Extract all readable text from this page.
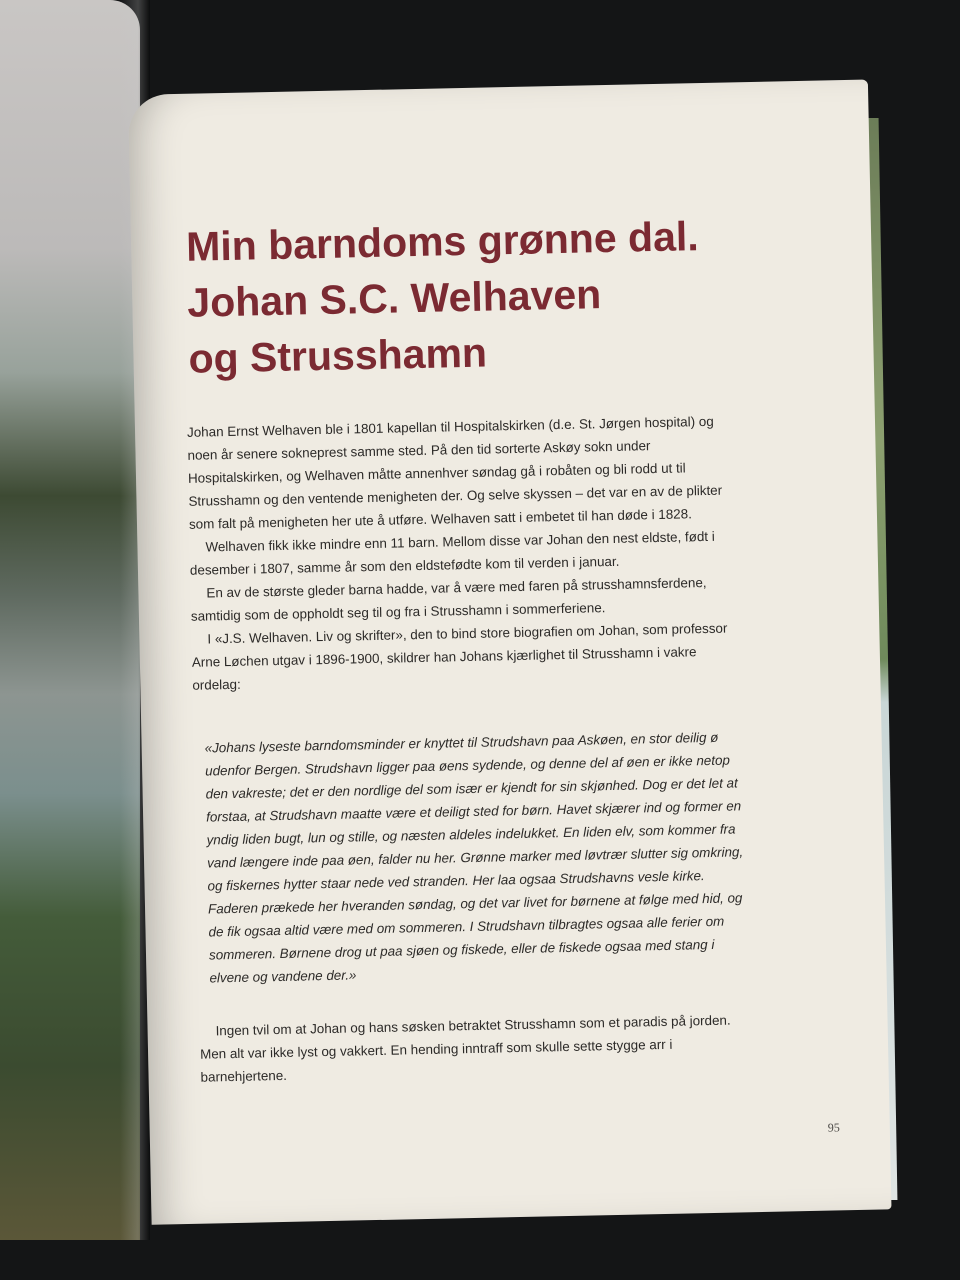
Min barndoms grønne dal.
Johan S.C. Welhaven
og Strusshamn

Johan Ernst Welhaven ble i 1801 kapellan til Hospitalskirken (d.e. St. Jørgen hospital) og noen år senere sokneprest samme sted. På den tid sorterte Askøy sokn under Hospitalskirken, og Welhaven måtte annenhver søndag gå i robåten og bli rodd ut til Strusshamn og den ventende menigheten der. Og selve skyssen – det var en av de plikter som falt på menigheten her ute å utføre. Welhaven satt i embetet til han døde i 1828.

Welhaven fikk ikke mindre enn 11 barn. Mellom disse var Johan den nest eldste, født i desember i 1807, samme år som den eldstefødte kom til verden i januar.

En av de største gleder barna hadde, var å være med faren på strusshamnsferdene, samtidig som de oppholdt seg til og fra i Strusshamn i sommerferiene.

I «J.S. Welhaven. Liv og skrifter», den to bind store biografien om Johan, som professor Arne Løchen utgav i 1896-1900, skildrer han Johans kjærlighet til Strusshamn i vakre ordelag:

«Johans lyseste barndomsminder er knyttet til Strudshavn paa Askøen, en stor deilig ø udenfor Bergen. Strudshavn ligger paa øens sydende, og denne del af øen er ikke netop den vakreste; det er den nordlige del som især er kjendt for sin skjønhed. Dog er det let at forstaa, at Strudshavn maatte være et deiligt sted for børn. Havet skjærer ind og former en yndig liden bugt, lun og stille, og næsten aldeles indelukket. En liden elv, som kommer fra vand længere inde paa øen, falder nu her. Grønne marker med løvtrær slutter sig omkring, og fiskernes hytter staar nede ved stranden. Her laa ogsaa Strudshavns vesle kirke. Faderen prækede her hveranden søndag, og det var livet for børnene at følge med hid, og de fik ogsaa altid være med om sommeren. I Strudshavn tilbragtes ogsaa alle ferier om sommeren. Børnene drog ut paa sjøen og fiskede, eller de fiskede ogsaa med stang i elvene og vandene der.»

Ingen tvil om at Johan og hans søsken betraktet Strusshamn som et paradis på jorden. Men alt var ikke lyst og vakkert. En hending inntraff som skulle sette stygge arr i barnehjertene.

95
